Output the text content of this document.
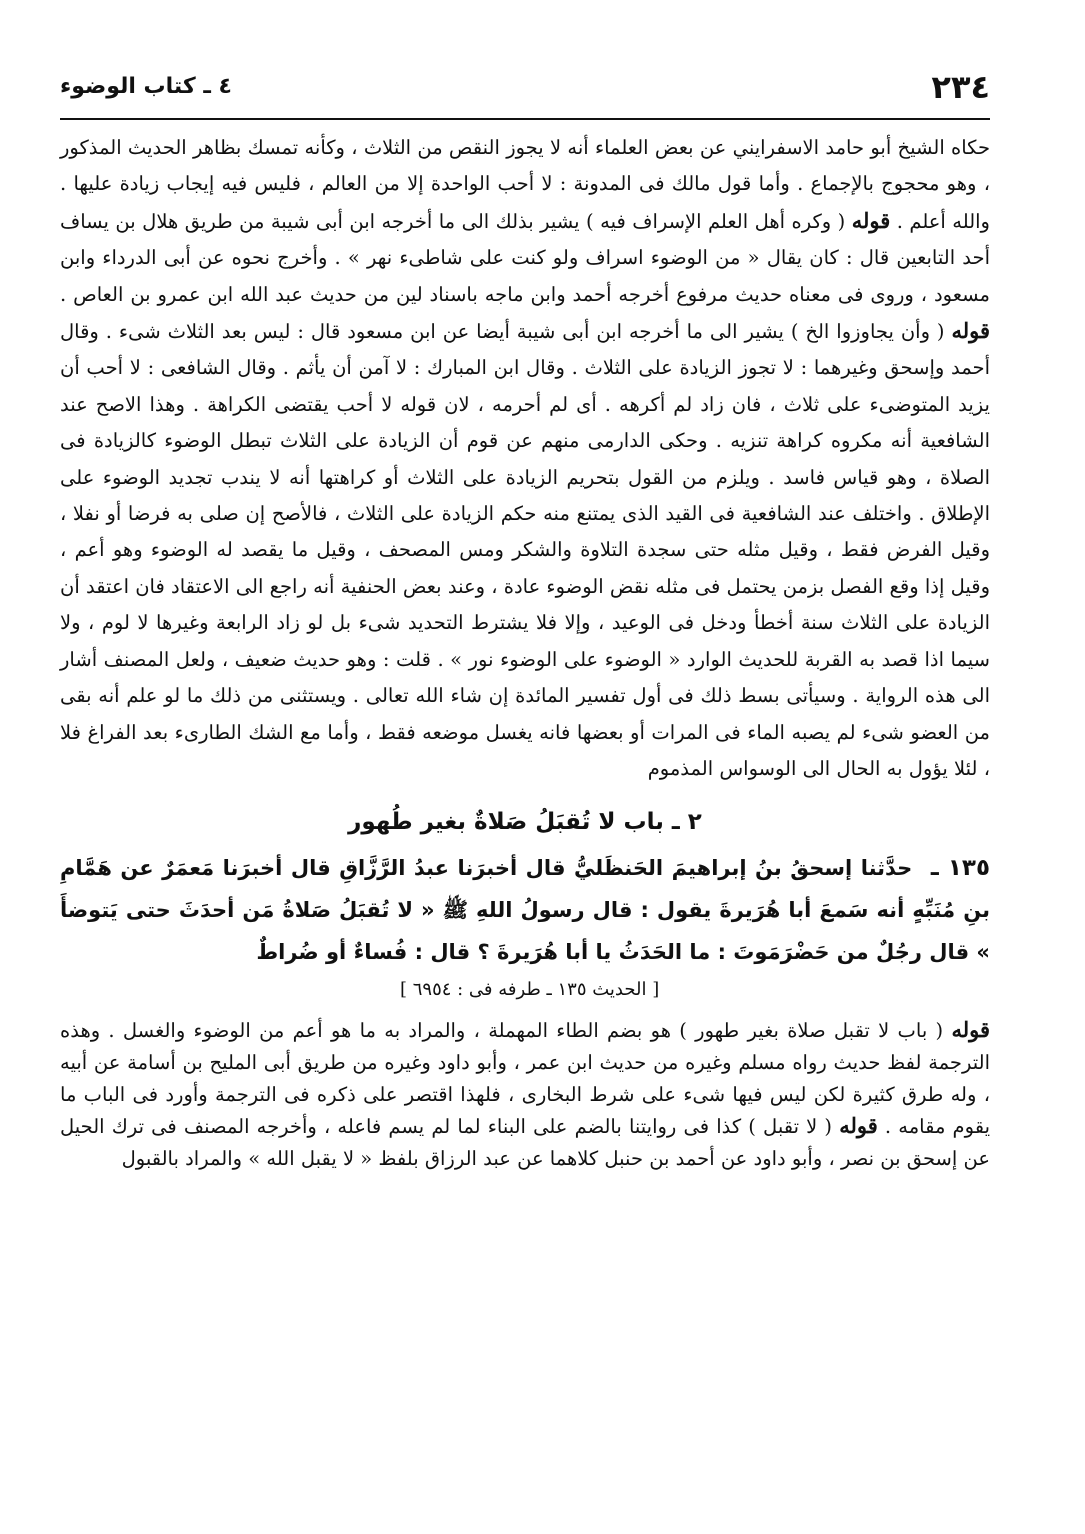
٢٣٤
٤ ـ كتاب الوضوء

حكاه الشيخ أبو حامد الاسفرايني عن بعض العلماء أنه لا يجوز النقص من الثلاث ، وكأنه تمسك بظاهر الحديث المذكور ، وهو محجوج بالإجماع . وأما قول مالك فى المدونة : لا أحب الواحدة إلا من العالم ، فليس فيه إيجاب زيادة عليها . والله أعلم . قوله ( وكره أهل العلم الإسراف فيه ) يشير بذلك الى ما أخرجه ابن أبى شيبة من طريق هلال بن يساف أحد التابعين قال : كان يقال « من الوضوء اسراف ولو كنت على شاطىء نهر » . وأخرج نحوه عن أبى الدرداء وابن مسعود ، وروى فى معناه حديث مرفوع أخرجه أحمد وابن ماجه باسناد لين من حديث عبد الله ابن عمرو بن العاص . قوله ( وأن يجاوزوا الخ ) يشير الى ما أخرجه ابن أبى شيبة أيضا عن ابن مسعود قال : ليس بعد الثلاث شىء . وقال أحمد وإسحق وغيرهما : لا تجوز الزيادة على الثلاث . وقال ابن المبارك : لا آمن أن يأثم . وقال الشافعى : لا أحب أن يزيد المتوضىء على ثلاث ، فان زاد لم أكرهه . أى لم أحرمه ، لان قوله لا أحب يقتضى الكراهة . وهذا الاصح عند الشافعية أنه مكروه كراهة تنزيه . وحكى الدارمى منهم عن قوم أن الزيادة على الثلاث تبطل الوضوء كالزيادة فى الصلاة ، وهو قياس فاسد . ويلزم من القول بتحريم الزيادة على الثلاث أو كراهتها أنه لا يندب تجديد الوضوء على الإطلاق . واختلف عند الشافعية فى القيد الذى يمتنع منه حكم الزيادة على الثلاث ، فالأصح إن صلى به فرضا أو نفلا ، وقيل الفرض فقط ، وقيل مثله حتى سجدة التلاوة والشكر ومس المصحف ، وقيل ما يقصد له الوضوء وهو أعم ، وقيل إذا وقع الفصل بزمن يحتمل فى مثله نقض الوضوء عادة ، وعند بعض الحنفية أنه راجع الى الاعتقاد فان اعتقد أن الزيادة على الثلاث سنة أخطأ ودخل فى الوعيد ، وإلا فلا يشترط التحديد شىء بل لو زاد الرابعة وغيرها لا لوم ، ولا سيما اذا قصد به القربة للحديث الوارد « الوضوء على الوضوء نور » . قلت : وهو حديث ضعيف ، ولعل المصنف أشار الى هذه الرواية . وسيأتى بسط ذلك فى أول تفسير المائدة إن شاء الله تعالى . ويستثنى من ذلك ما لو علم أنه بقى من العضو شىء لم يصبه الماء فى المرات أو بعضها فانه يغسل موضعه فقط ، وأما مع الشك الطارىء بعد الفراغ فلا ، لئلا يؤول به الحال الى الوسواس المذموم

٢ ـ باب لا تُقبَلُ صَلاةٌ بغير طُهور
١٣٥ ـ حدَّثنا إسحقُ بنُ إبراهيمَ الحَنظَليُّ قال أخبرَنا عبدُ الرَّزَّاقِ قال أخبرَنا مَعمَرٌ عن هَمَّامِ بنِ مُنَبِّهٍ أنه سَمعَ أبا هُرَيرةَ يقول : قال رسولُ اللهِ ﷺ « لا تُقبَلُ صَلاةُ مَن أحدَثَ حتى يَتوضأَ » قال رجُلٌ من حَضْرَمَوتَ : ما الحَدَثُ يا أبا هُرَيرةَ ؟ قال : فُساءٌ أو ضُراطٌ
[ الحديث ١٣٥ ـ طرفه فى : ٦٩٥٤ ]

قوله ( باب لا تقبل صلاة بغير طهور ) هو بضم الطاء المهملة ، والمراد به ما هو أعم من الوضوء والغسل . وهذه الترجمة لفظ حديث رواه مسلم وغيره من حديث ابن عمر ، وأبو داود وغيره من طريق أبى المليح بن أسامة عن أبيه ، وله طرق كثيرة لكن ليس فيها شىء على شرط البخارى ، فلهذا اقتصر على ذكره فى الترجمة وأورد فى الباب ما يقوم مقامه . قوله ( لا تقبل ) كذا فى روايتنا بالضم على البناء لما لم يسم فاعله ، وأخرجه المصنف فى ترك الحيل عن إسحق بن نصر ، وأبو داود عن أحمد بن حنبل كلاهما عن عبد الرزاق بلفظ « لا يقبل الله » والمراد بالقبول
